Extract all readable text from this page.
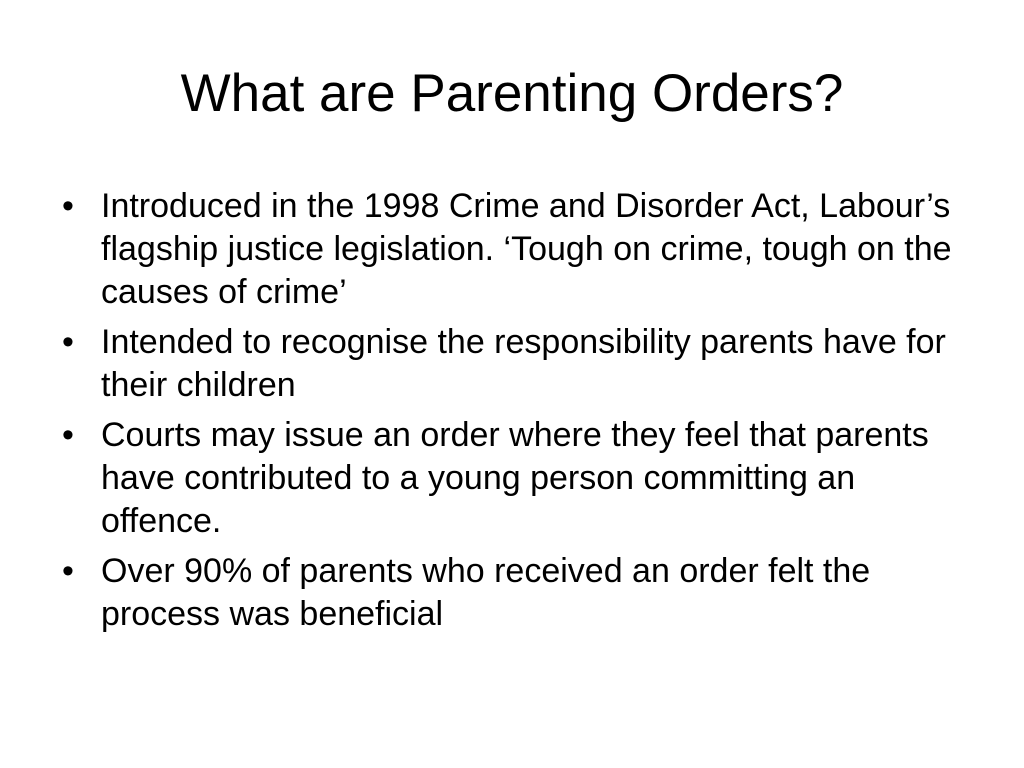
What are Parenting Orders?
• Introduced in the 1998 Crime and Disorder Act, Labour’s flagship justice legislation. ‘Tough on crime, tough on the causes of crime’
• Intended to recognise the responsibility parents have for their children
• Courts may issue an order where they feel that parents have contributed to a young person committing an offence.
• Over 90% of parents who received an order felt the process was beneficial
